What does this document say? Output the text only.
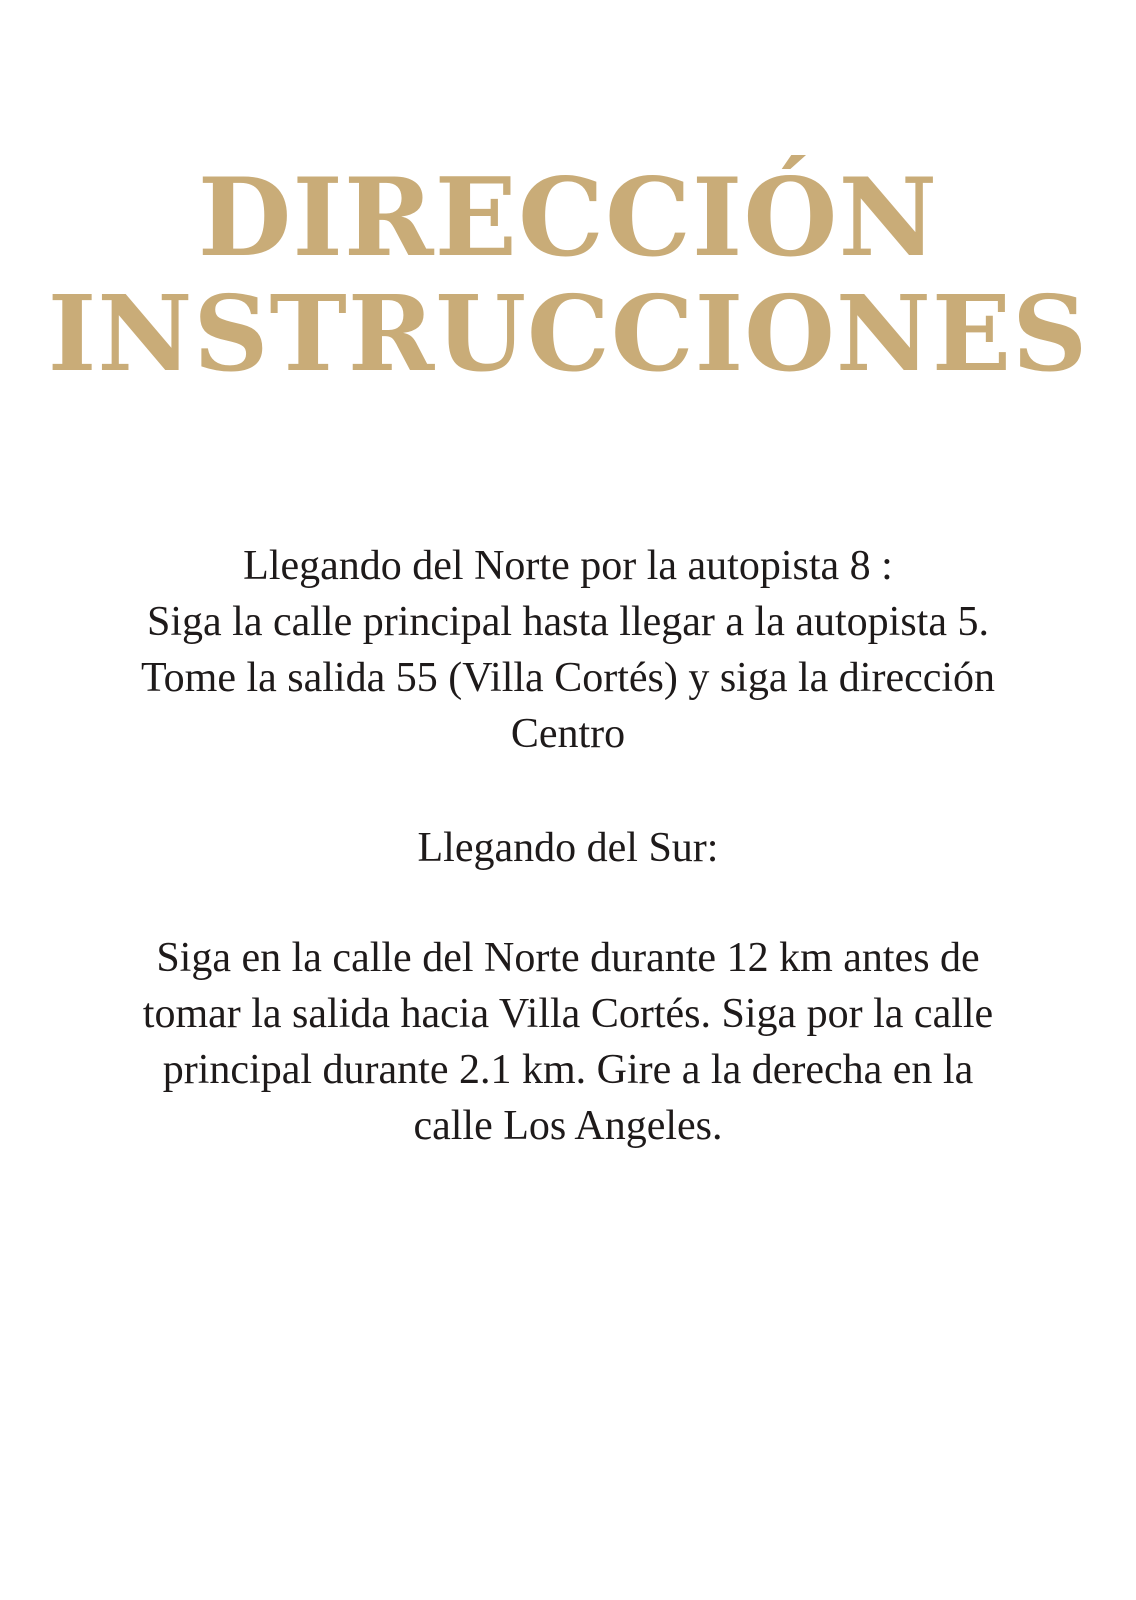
DIRECCIÓN
INSTRUCCIONES
Llegando del Norte por la autopista 8 :
Siga la calle principal hasta llegar a la autopista 5.
Tome la salida 55 (Villa Cortés) y siga la dirección
Centro
Llegando del Sur:
Siga en la calle del Norte durante 12 km antes de
tomar la salida hacia Villa Cortés. Siga por la calle
principal durante 2.1 km. Gire a la derecha en la
calle Los Angeles.
